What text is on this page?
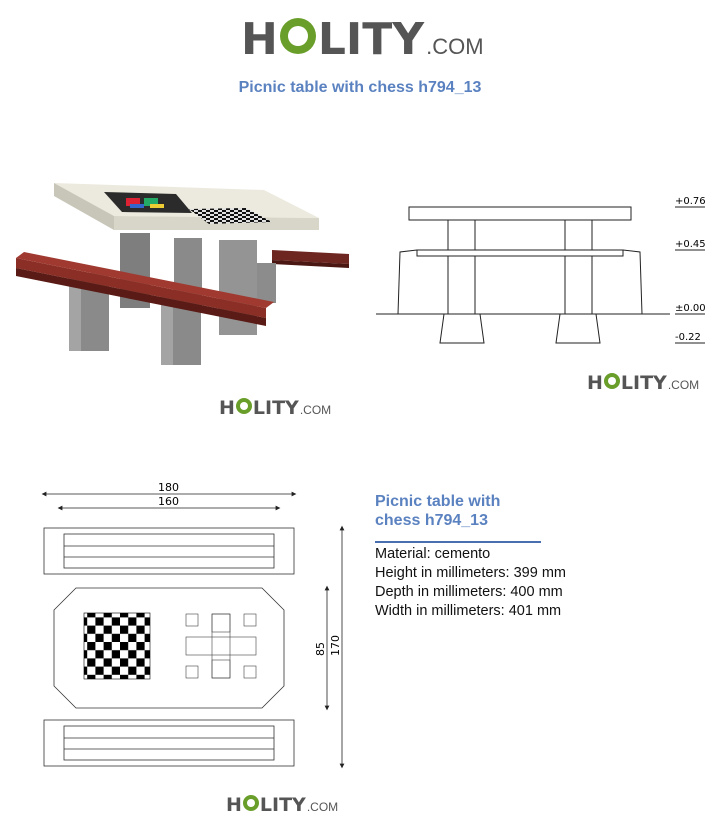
H LITY .COM
Picnic table with chess h794_13
H LITY .COM
+0.76
+0.45
±0.00
-0.22
H LITY .COM
180
160
85 170
H LITY .COM
Picnic table with
chess h794_13
Material: cemento
Height in millimeters: 399 mm
Depth in millimeters: 400 mm
Width in millimeters: 401 mm
